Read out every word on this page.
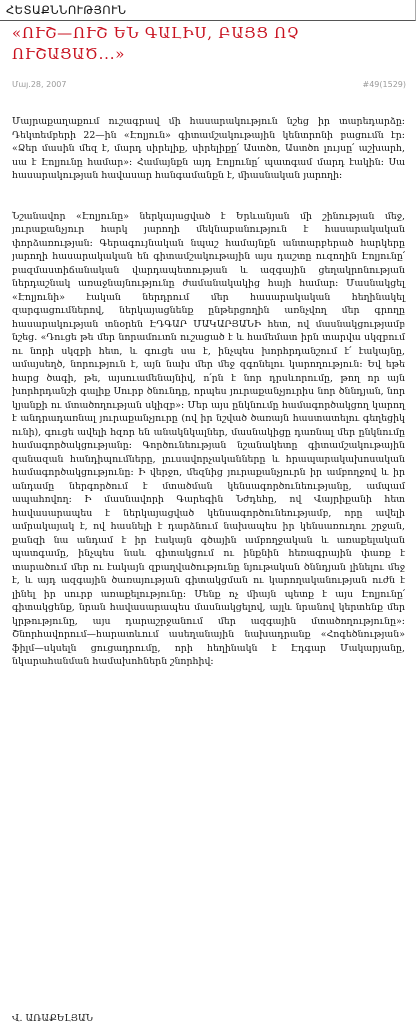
ՀԵՏԱՔՆՆՈՒԹՅՈՒՆ
«ՈՒՇ—ՈՒՇ ԵՆ ԳԱԼԻՍ, ԲԱՅՑ ՈՉ ՈՒՇԱՑԱԾ...»
Մայ.28, 2007	#49(1529)

Մայրաքաղաքում ուշագրավ մի հասարակություն նշեց իր տարեդարձը։ Դեկտեմբերի 22—ին «Էոլյուն» գիտամշակութային կենտրոնի բացումն էր։ «Ձեր մասին մեզ է, մարդ սիրելիք, սիրելիքը՛ Աստծո, Աստծո լույսը՛ աշխարհ, սա է Էոլյունը համար»։ Համայնքն այդ Էոլյունը՛ պատգամ մարդ էակին։ Սա հասարակության հավասար հանգամանքն է, միասնական յարողի։

Նշանավոր «Էոլյունը» ներկայացված է Երևանյան մի շինության մեջ, յուրաքանչյուր հարկ յարողի մեկնաբանություն է հասարակական փորձառության։ Գերագույնական նպաշ համայնքն անտարբերած հարկերը յարողի հասարակական են գիտամշակութային այս դաշտը ուզողին Էոլյունը՛ բազմաստիճանական վարդապետության և ազգային ցեղակրոնության ներդաշնակ առաջնայնությունը ժամանակակից հայի համար։ Մասնակցել «Էոլյունի» էական ներդրում մեր հասարակական հեղինակել զարգացումներով, ներկայացնենք ընթերցողին առնչվող մեր գրողը հասարակության տնօրեն ԷԴԳԱՐ ՄԱԿԱՐՅԱՆԻ հետ, ով մասնակցությամբ նշեց. «Դուցե թե մեր նորամուտն ուշացած է և համեմատ իրն տարվա սկզբում ու նորի սկզբի հետ, և գուցե սա է, ինչպես խորհրդանշում է՛ էակայնը, ամայսեղծ, նորություն է, այն նախ մեր մեջ զգոնելու կարողություն։ Եվ եթե հարց ծագի, թե, այսուամենայնիվ, ո՛րն է նոր դրսևորումը, թող որ այն խորհրդանշի գալիք Սուրբ ծնունդը, որպես յուրաքանչյուրիս նոր ծննդյան, նոր կյանքի ու մտածողության սկիզբ»։ Մեր այս ընկնումը համագործակցող կարող է անդրադառնալ յուրաքանչյուրը (ով իր նշված ծառայն հաստատելու գեղեցիկ ունի), գուցե ավելի հզոր են անակնկալներ, մասնակիցը դառնալ մեր ընկնումը համագործակցությանը։ Գործունեության նշանակետը գիտամշակութային զանազան հանդիպումները, լուսավորչականները և հրապարակախոսական համագործակցությունը։ Ի վերջո, մեզնից յուրաքանչյուրն իր ամբողջով և իր անդամը ներգործում է մտածման կենսագործունեությանը, ամպամ ապահովող։ Ի մասնավորի Գարեգին Նժդեհը, ով Վայրիքանի հետ հավասարապես է ներկայացված կենսագործունեությամբ, որը ավելի ամրակայակ է, ով հասնելի է դարձնում նախապես իր կենսառուղու շրջան, քանզի նա անդամ է իր էակայն գծային ամբողջական և առաքելական պատգամը, ինչպես նաև գիտակցում ու ինքնին հեռագրային փառք է տարածում մեր ու էակայն զբաղվածությունը նյութական ծննդյան լինելու մեջ է, և այդ ազգային ծառայության գիտակցման ու կարողականության ուժն է լինել իր սուրբ առաքելությունը։ Մենք ոչ միայն պետք է այս Էոլյունը՛ գիտակցենք, նրան հավասարապես մասնակցելով, այլև նրանով կերտենք մեր կրթությունը, այս դարաշրջանում մեր ազգային մտածողությունը»։ Շնորհավորում—հարատևում ասեղանային նախադրանք «Հոգեծնության» ֆիլմ—սկսելն ցուցադրումը, որի հեղինակն է Էդգար Մակարյանը, նկարահանման համախոհներն շնորհիվ։

Վ. ԱՌԱՔԵԼՅԱՆ
